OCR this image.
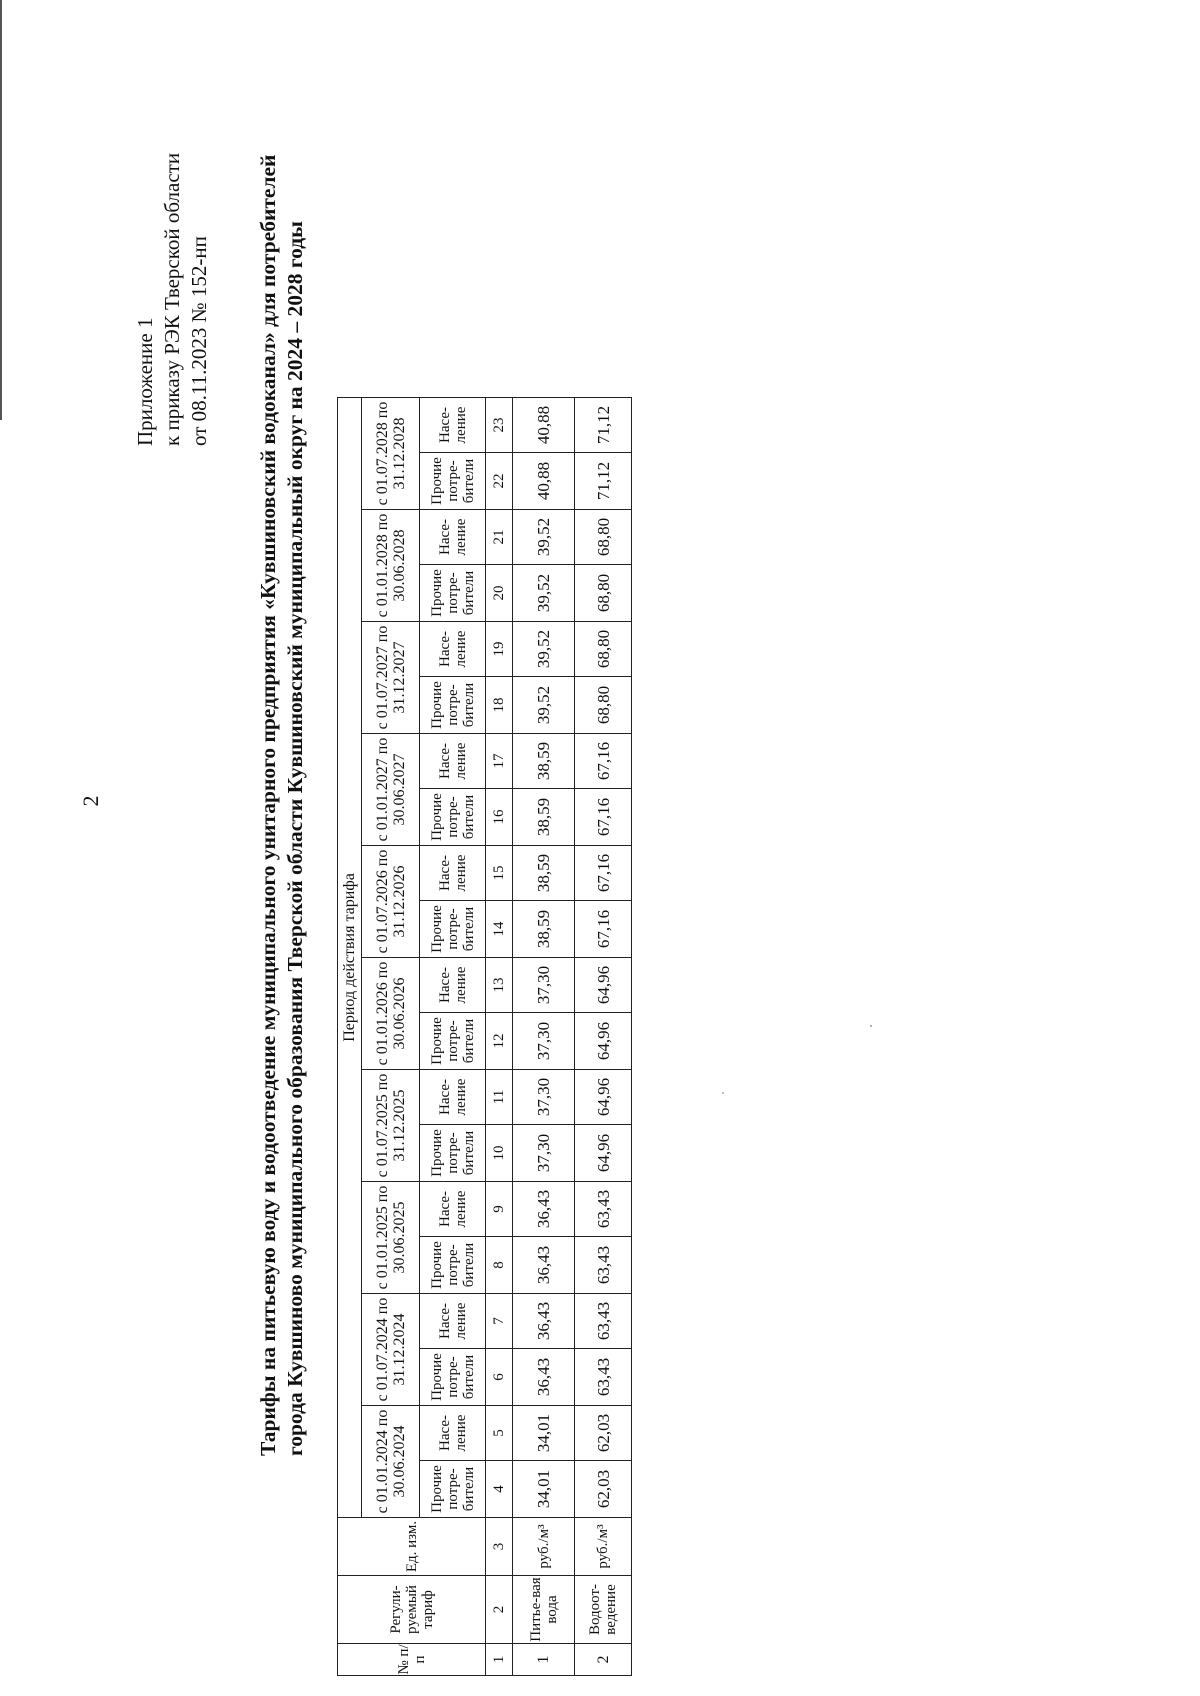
2
Приложение 1 к приказу РЭК Тверской области от 08.11.2023 № 152-нп Тарифы на питьевую воду и водоотведение муниципального унитарного предприятия «Кувшиновский водоканал» для потребителей города Кувшиново муниципального образования Тверской области Кувшиновский муниципальный округ на 2024 – 2028 годы
№ п/п	Регули-руемый тариф	Ед. изм.	Период действия тарифа																			
			с 01.01.2024 по 30.06.2024		с 01.07.2024 по 31.12.2024		с 01.01.2025 по 30.06.2025		с 01.07.2025 по 31.12.2025		с 01.01.2026 по 30.06.2026		с 01.07.2026 по 31.12.2026		с 01.01.2027 по 30.06.2027		с 01.07.2027 по 31.12.2027		с 01.01.2028 по 30.06.2028		с 01.07.2028 по 31.12.2028	
			Прочие потре-бители	Насе-ление	Прочие потре-бители	Насе-ление	Прочие потре-бители	Насе-ление	Прочие потре-бители	Насе-ление	Прочие потре-бители	Насе-ление	Прочие потре-бители	Насе-ление	Прочие потре-бители	Насе-ление	Прочие потре-бители	Насе-ление	Прочие потре-бители	Насе-ление	Прочие потре-бители	Насе-ление
1	2	3	4	5	6	7	8	9	10	11	12	13	14	15	16	17	18	19	20	21	22	23
1	Питье-вая вода	руб./м³	34,01	34,01	36,43	36,43	36,43	36,43	37,30	37,30	37,30	37,30	38,59	38,59	38,59	38,59	39,52	39,52	39,52	39,52	40,88	40,88
2	Водоот-ведение	руб./м³	62,03	62,03	63,43	63,43	63,43	63,43	64,96	64,96	64,96	64,96	67,16	67,16	67,16	67,16	68,80	68,80	68,80	68,80	71,12	71,12
